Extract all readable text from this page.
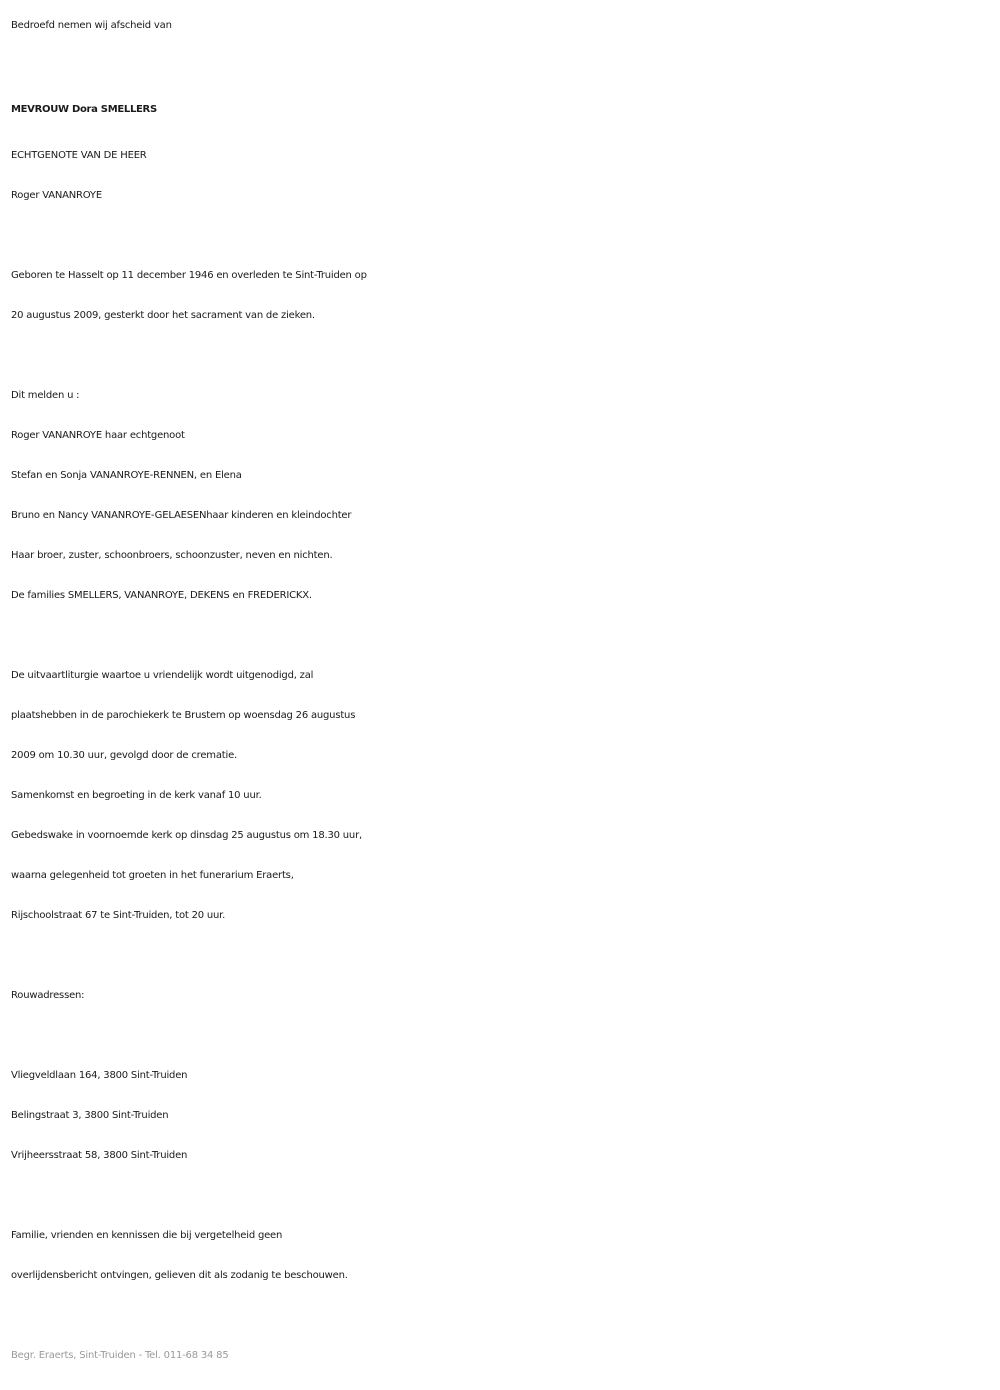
Bedroefd nemen wij afscheid van
MEVROUW Dora SMELLERS
ECHTGENOTE VAN DE HEER
Roger VANANROYE
Geboren te Hasselt op 11 december 1946 en overleden te Sint-Truiden op
20 augustus 2009, gesterkt door het sacrament van de zieken.
Dit melden u :
Roger VANANROYE haar echtgenoot
Stefan en Sonja VANANROYE-RENNEN, en Elena
Bruno en Nancy VANANROYE-GELAESENhaar kinderen en kleindochter
Haar broer, zuster, schoonbroers, schoonzuster, neven en nichten.
De families SMELLERS, VANANROYE, DEKENS en FREDERICKX.
De uitvaartliturgie waartoe u vriendelijk wordt uitgenodigd, zal
plaatshebben in de parochiekerk te Brustem op woensdag 26 augustus
2009 om 10.30 uur, gevolgd door de crematie.
Samenkomst en begroeting in de kerk vanaf 10 uur.
Gebedswake in voornoemde kerk op dinsdag 25 augustus om 18.30 uur,
waarna gelegenheid tot groeten in het funerarium Eraerts,
Rijschoolstraat 67 te Sint-Truiden, tot 20 uur.
Rouwadressen:
Vliegveldlaan 164, 3800 Sint-Truiden
Belingstraat 3, 3800 Sint-Truiden
Vrijheersstraat 58, 3800 Sint-Truiden
Familie, vrienden en kennissen die bij vergetelheid geen
overlijdensbericht ontvingen, gelieven dit als zodanig te beschouwen.
Begr. Eraerts, Sint-Truiden - Tel. 011-68 34 85
